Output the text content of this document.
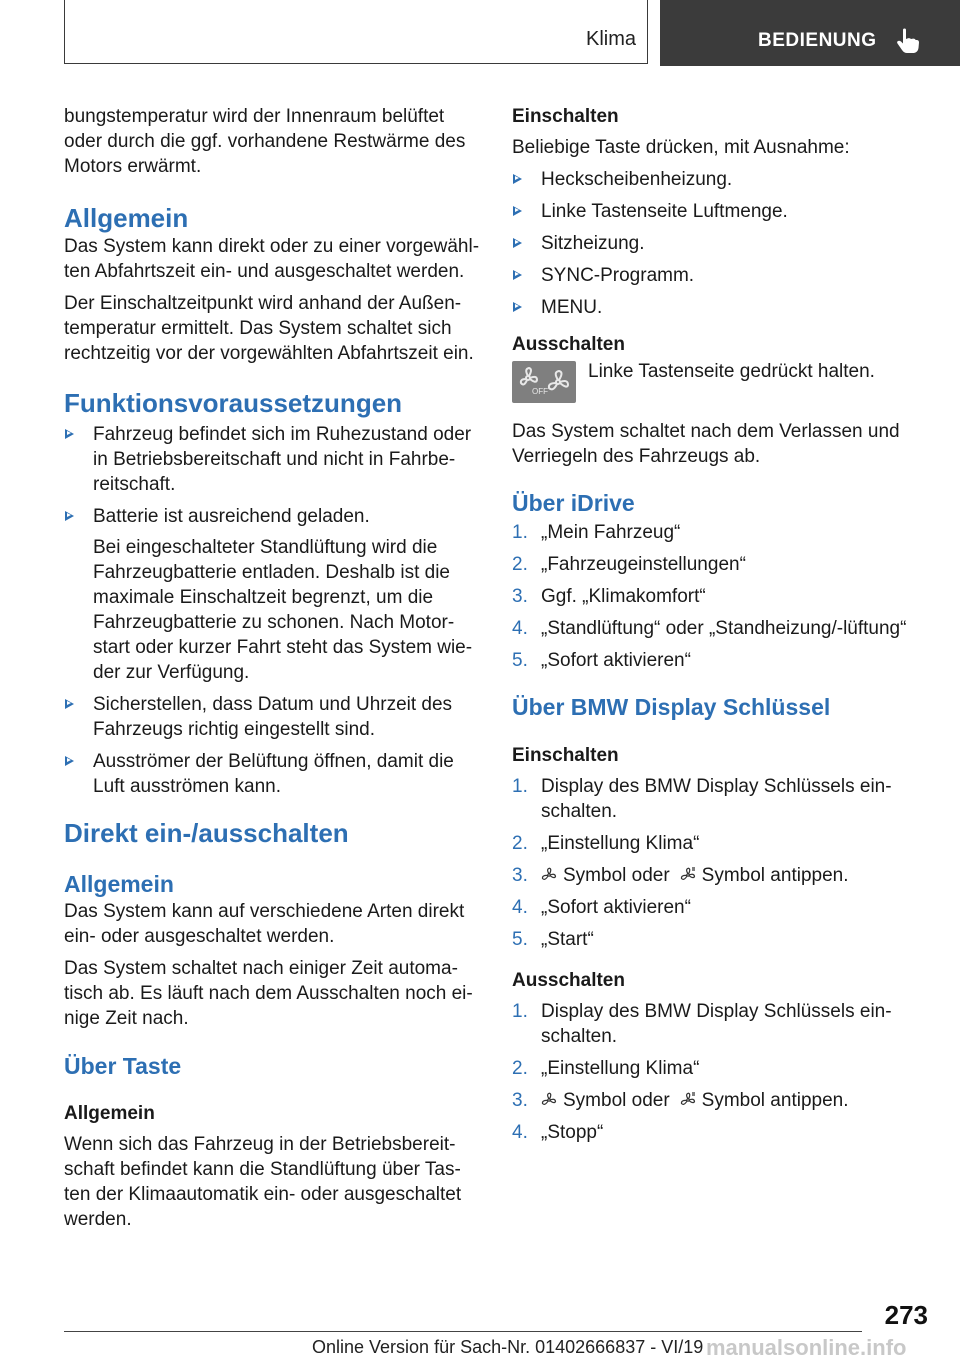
Klima	BEDIENUNG

bungstemperatur wird der Innenraum belüftet oder durch die ggf. vorhandene Restwärme des Motors erwärmt.

Allgemein

Das System kann direkt oder zu einer vorgewähl‐ ten Abfahrtszeit ein- und ausgeschaltet werden.

Der Einschaltzeitpunkt wird anhand der Außen‐ temperatur ermittelt. Das System schaltet sich rechtzeitig vor der vorgewählten Abfahrtszeit ein.

Funktionsvoraussetzungen
Fahrzeug befindet sich im Ruhezustand oder in Betriebsbereitschaft und nicht in Fahrbe‐ reitschaft.
Batterie ist ausreichend geladen.
Bei eingeschalteter Standlüftung wird die Fahrzeugbatterie entladen. Deshalb ist die maximale Einschaltzeit begrenzt, um die Fahrzeugbatterie zu schonen. Nach Motor‐ start oder kurzer Fahrt steht das System wie‐ der zur Verfügung.
Sicherstellen, dass Datum und Uhrzeit des Fahrzeugs richtig eingestellt sind.
Ausströmer der Belüftung öffnen, damit die Luft ausströmen kann.
Direkt ein-/ausschalten
Allgemein

Das System kann auf verschiedene Arten direkt ein- oder ausgeschaltet werden.

Das System schaltet nach einiger Zeit automa‐ tisch ab. Es läuft nach dem Ausschalten noch ei‐ nige Zeit nach.

Über Taste
Allgemein

Wenn sich das Fahrzeug in der Betriebsbereit‐ schaft befindet kann die Standlüftung über Tas‐ ten der Klimaautomatik ein- oder ausgeschaltet werden.

Einschalten

Beliebige Taste drücken, mit Ausnahme:

Heckscheibenheizung.
Linke Tastenseite Luftmenge.
Sitzheizung.
SYNC-Programm.
MENU.
Ausschalten
OFF
Linke Tastenseite gedrückt halten.

Das System schaltet nach dem Verlassen und Verriegeln des Fahrzeugs ab.

Über iDrive
1. „Mein Fahrzeug“
2. „Fahrzeugeinstellungen“
3. Ggf. „Klimakomfort“
4. „Standlüftung“ oder „Standheizung/-lüftung“
5. „Sofort aktivieren“
Über BMW Display Schlüssel
Einschalten
1. Display des BMW Display Schlüssels ein‐ schalten.
2. „Einstellung Klima“
3. Symbol oder Symbol antippen.
4. „Sofort aktivieren“
5. „Start“
Ausschalten
1. Display des BMW Display Schlüssels ein‐ schalten.
2. „Einstellung Klima“
3. Symbol oder Symbol antippen.
4. „Stopp“
273
Online Version für Sach-Nr. 01402666837 - VI/19 manualsonline.info
